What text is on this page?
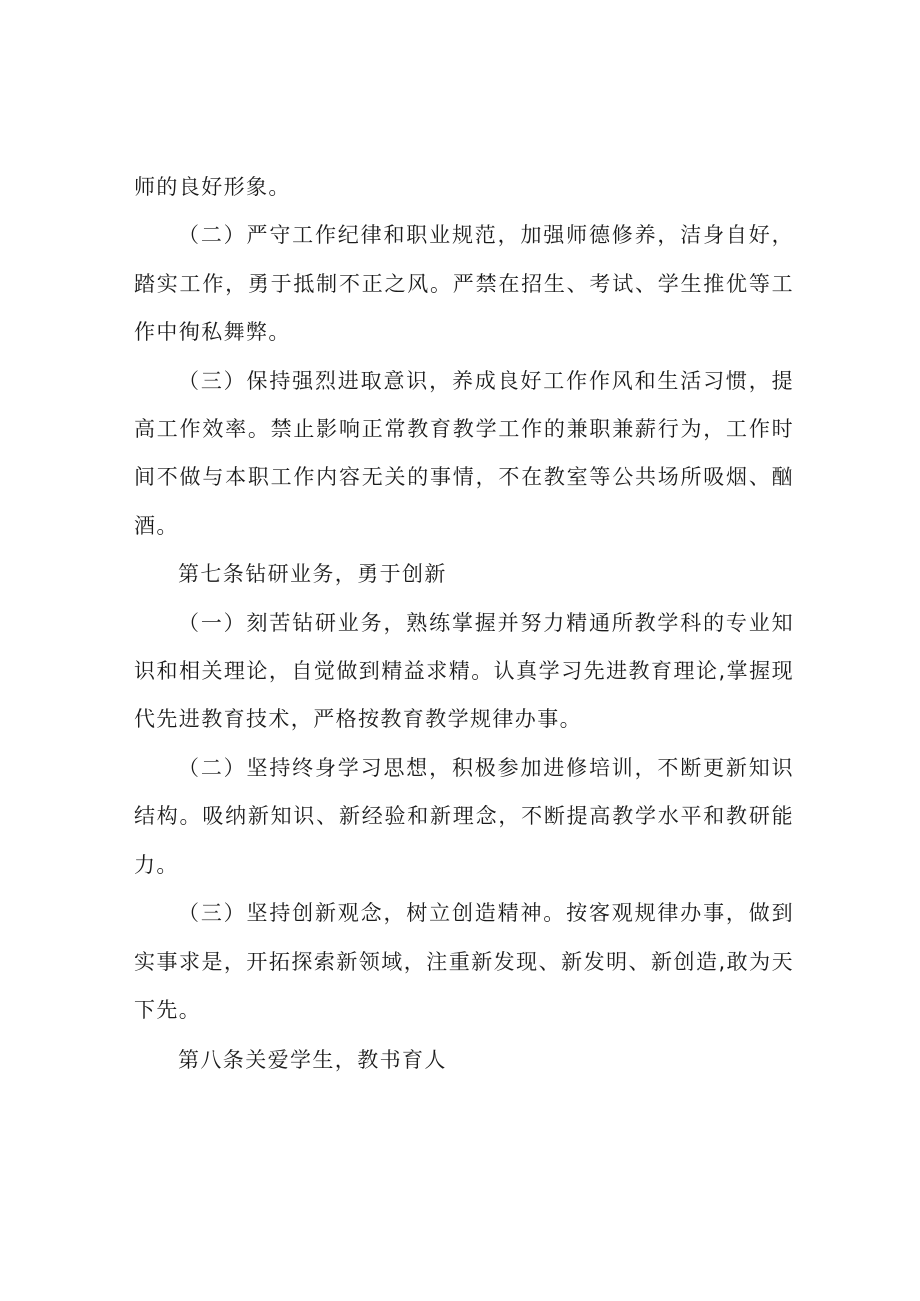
师的良好形象。

（二）严守工作纪律和职业规范，加强师德修养，洁身自好，踏实工作，勇于抵制不正之风。严禁在招生、考试、学生推优等工作中徇私舞弊。

（三）保持强烈进取意识，养成良好工作作风和生活习惯，提高工作效率。禁止影响正常教育教学工作的兼职兼薪行为，工作时间不做与本职工作内容无关的事情，不在教室等公共场所吸烟、酗酒。

第七条钻研业务，勇于创新

（一）刻苦钻研业务，熟练掌握并努力精通所教学科的专业知识和相关理论，自觉做到精益求精。认真学习先进教育理论,掌握现代先进教育技术，严格按教育教学规律办事。

（二）坚持终身学习思想，积极参加进修培训，不断更新知识结构。吸纳新知识、新经验和新理念，不断提高教学水平和教研能力。

（三）坚持创新观念，树立创造精神。按客观规律办事，做到实事求是，开拓探索新领域，注重新发现、新发明、新创造,敢为天下先。

第八条关爱学生，教书育人
